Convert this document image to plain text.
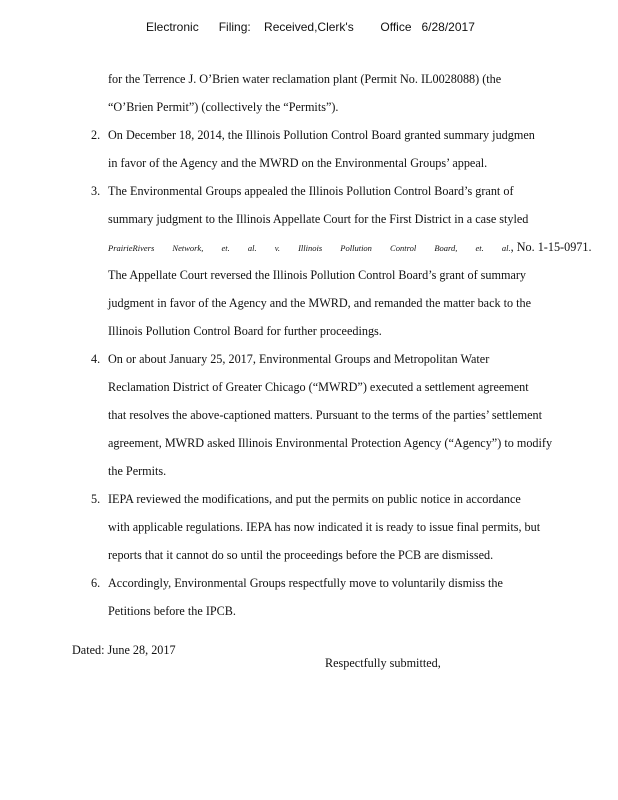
Electronic      Filing:    Received,Clerk's        Office   6/28/2017
for the Terrence J. O’Brien water reclamation plant (Permit No. IL0028088) (the
“O’Brien Permit”) (collectively the “Permits”).
2. On December 18, 2014, the Illinois Pollution Control Board granted summary judgmen
in favor of the Agency and the MWRD on the Environmental Groups’ appeal.
3. The Environmental Groups appealed the Illinois Pollution Control Board’s grant of
summary judgment to the Illinois Appellate Court for the First District in a case styled
PrairieRivers Network, et. al. v. Illinois Pollution Control Board, et. al., No. 1-15-0971.
The Appellate Court reversed the Illinois Pollution Control Board’s grant of summary
judgment in favor of the Agency and the MWRD, and remanded the matter back to the
Illinois Pollution Control Board for further proceedings.
4. On or about January 25, 2017, Environmental Groups and Metropolitan Water
Reclamation District of Greater Chicago (“MWRD”) executed a settlement agreement
that resolves the above-captioned matters. Pursuant to the terms of the parties’ settlement
agreement, MWRD asked Illinois Environmental Protection Agency (“Agency”) to modify
the Permits.
5. IEPA reviewed the modifications, and put the permits on public notice in accordance
with applicable regulations. IEPA has now indicated it is ready to issue final permits, but
reports that it cannot do so until the proceedings before the PCB are dismissed.
6. Accordingly, Environmental Groups respectfully move to voluntarily dismiss the
Petitions before the IPCB.
Dated: June 28, 2017
Respectfully submitted,
